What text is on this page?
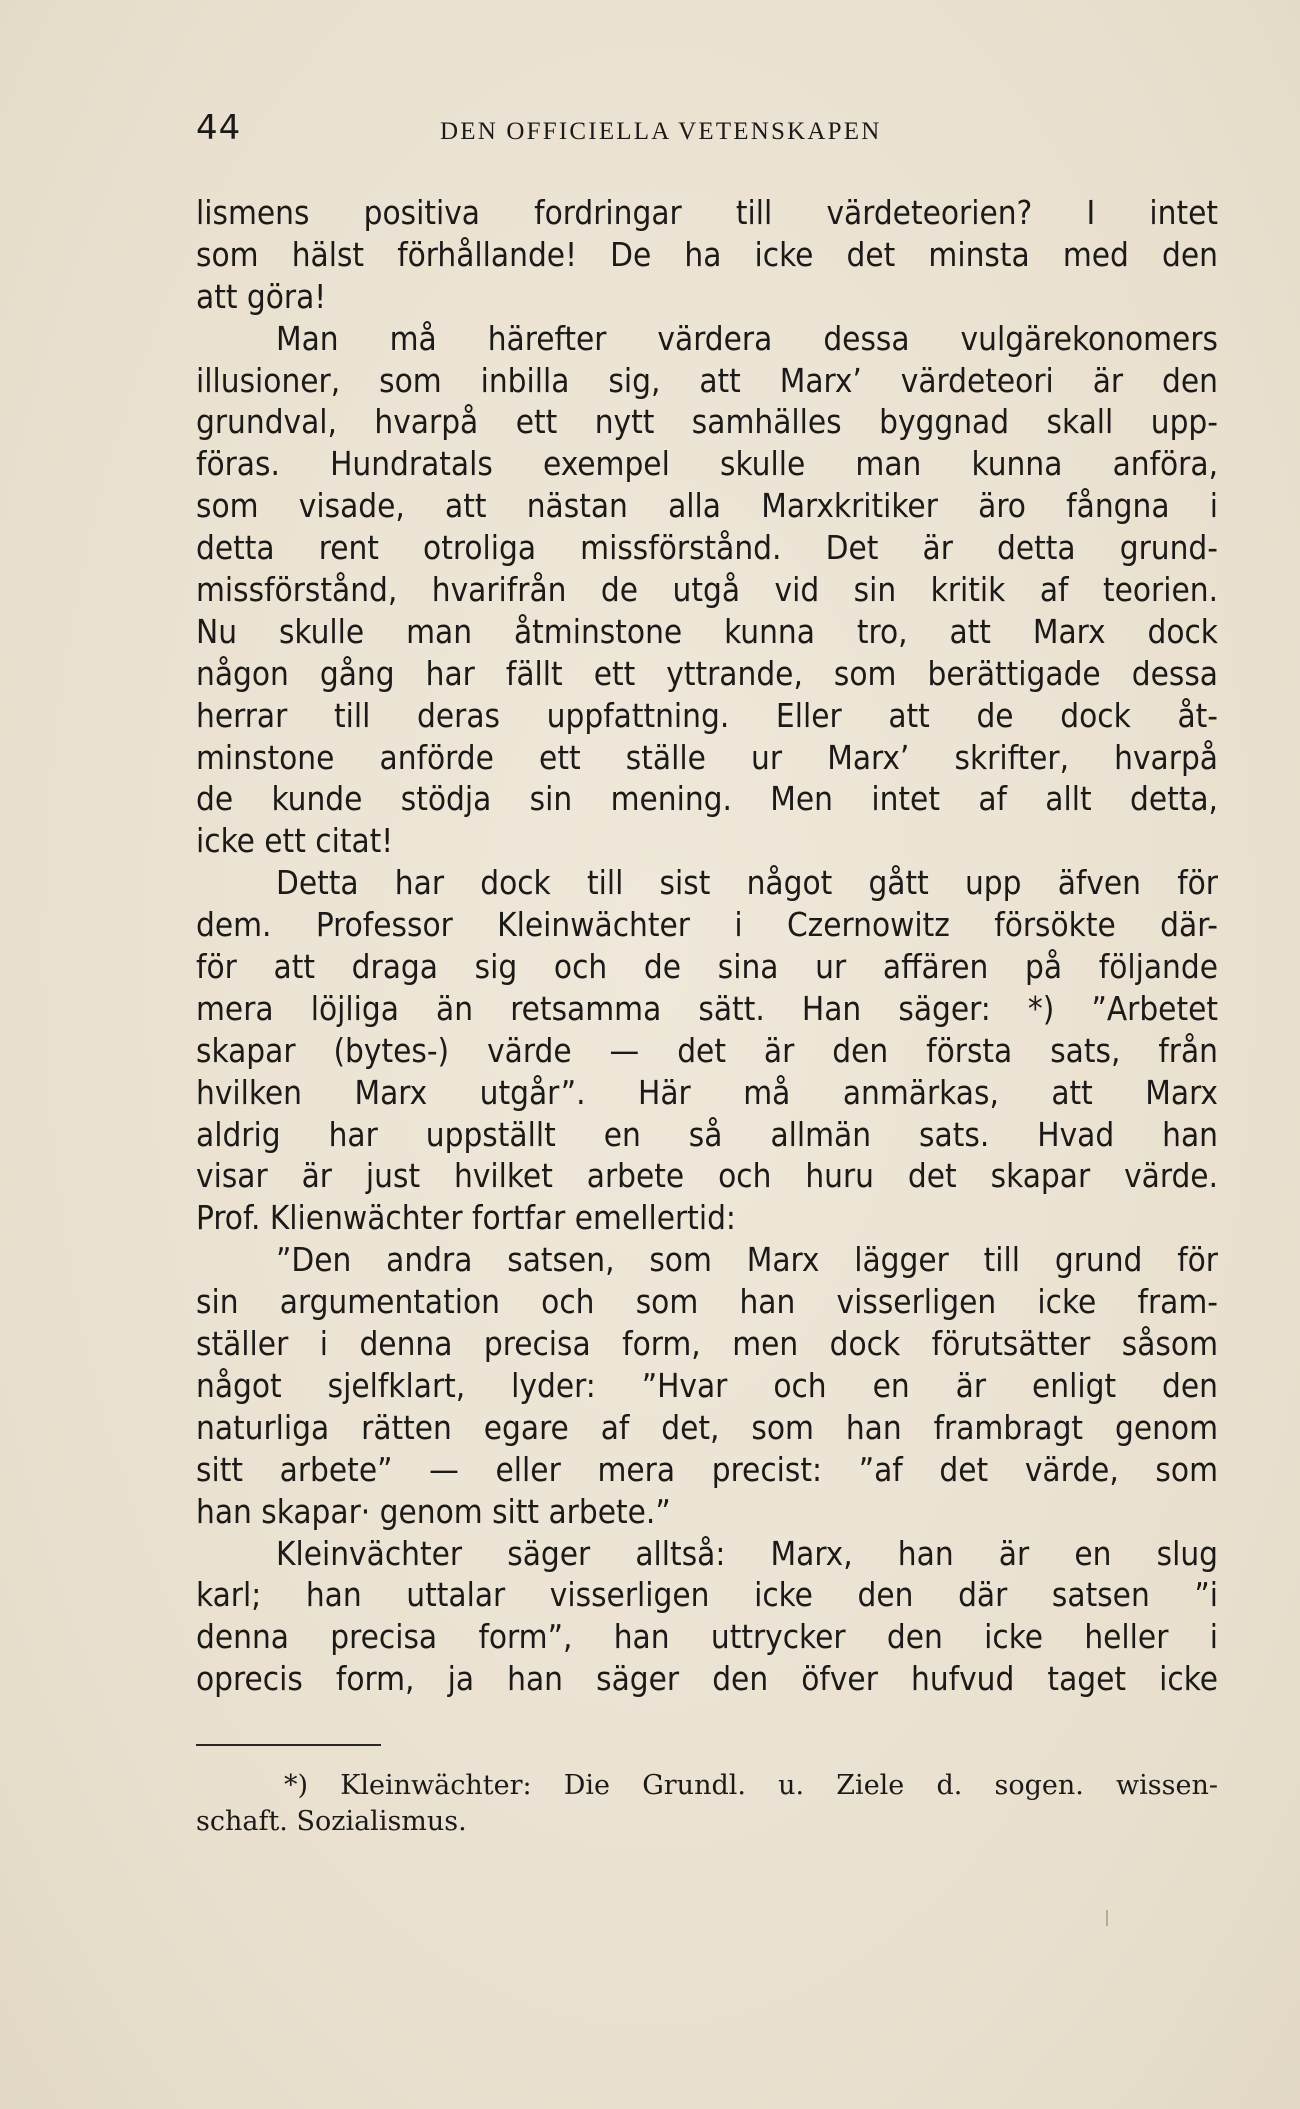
44	DEN OFFICIELLA VETENSKAPEN
lismens positiva fordringar till värdeteorien? I intet
som hälst förhållande! De ha icke det minsta med den
att göra!
Man må härefter värdera dessa vulgärekonomers
illusioner, som inbilla sig, att Marx’ värdeteori är den
grundval, hvarpå ett nytt samhälles byggnad skall upp-
föras. Hundratals exempel skulle man kunna anföra,
som visade, att nästan alla Marxkritiker äro fångna i
detta rent otroliga missförstånd. Det är detta grund-
missförstånd, hvarifrån de utgå vid sin kritik af teorien.
Nu skulle man åtminstone kunna tro, att Marx dock
någon gång har fällt ett yttrande, som berättigade dessa
herrar till deras uppfattning. Eller att de dock åt-
minstone anförde ett ställe ur Marx’ skrifter, hvarpå
de kunde stödja sin mening. Men intet af allt detta,
icke ett citat!
Detta har dock till sist något gått upp äfven för
dem. Professor Kleinwächter i Czernowitz försökte där-
för att draga sig och de sina ur affären på följande
mera löjliga än retsamma sätt. Han säger: *) ”Arbetet
skapar (bytes-) värde — det är den första sats, från
hvilken Marx utgår”. Här må anmärkas, att Marx
aldrig har uppställt en så allmän sats. Hvad han
visar är just hvilket arbete och huru det skapar värde.
Prof. Klienwächter fortfar emellertid:
”Den andra satsen, som Marx lägger till grund för
sin argumentation och som han visserligen icke fram-
ställer i denna precisa form, men dock förutsätter såsom
något sjelfklart, lyder: ”Hvar och en är enligt den
naturliga rätten egare af det, som han frambragt genom
sitt arbete” — eller mera precist: ”af det värde, som
han skapar· genom sitt arbete.”
Kleinvächter säger alltså: Marx, han är en slug
karl; han uttalar visserligen icke den där satsen ”i
denna precisa form”, han uttrycker den icke heller i
oprecis form, ja han säger den öfver hufvud taget icke
*) Kleinwächter: Die Grundl. u. Ziele d. sogen. wissen-
schaft. Sozialismus.
